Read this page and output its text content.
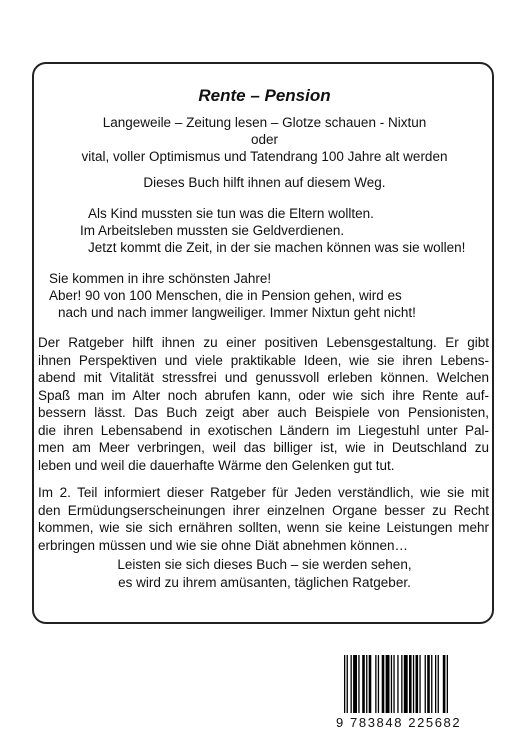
Rente – Pension
Langeweile – Zeitung lesen – Glotze schauen - Nixtun
oder
vital, voller Optimismus und Tatendrang 100 Jahre alt werden
Dieses Buch hilft ihnen auf diesem Weg.
Als Kind mussten sie tun was die Eltern wollten.
Im Arbeitsleben mussten sie Geldverdienen.
Jetzt kommt die Zeit, in der sie machen können was sie wollen!
Sie kommen in ihre schönsten Jahre!
Aber! 90 von 100 Menschen, die in Pension gehen, wird es
nach und nach immer langweiliger. Immer Nixtun geht nicht!
Der Ratgeber hilft ihnen zu einer positiven Lebensgestaltung. Er gibt
ihnen Perspektiven und viele praktikable Ideen, wie sie ihren Lebens-
abend mit Vitalität stressfrei und genussvoll erleben können. Welchen
Spaß man im Alter noch abrufen kann, oder wie sich ihre Rente auf-
bessern lässt. Das Buch zeigt aber auch Beispiele von Pensionisten,
die ihren Lebensabend in exotischen Ländern im Liegestuhl unter Pal-
men am Meer verbringen, weil das billiger ist, wie in Deutschland zu
leben und weil die dauerhafte Wärme den Gelenken gut tut.
Im 2. Teil informiert dieser Ratgeber für Jeden verständlich, wie sie mit
den Ermüdungserscheinungen ihrer einzelnen Organe besser zu Recht
kommen, wie sie sich ernähren sollten, wenn sie keine Leistungen mehr
erbringen müssen und wie sie ohne Diät abnehmen können…
Leisten sie sich dieses Buch – sie werden sehen,
es wird zu ihrem amüsanten, täglichen Ratgeber.
9 783848 225682
